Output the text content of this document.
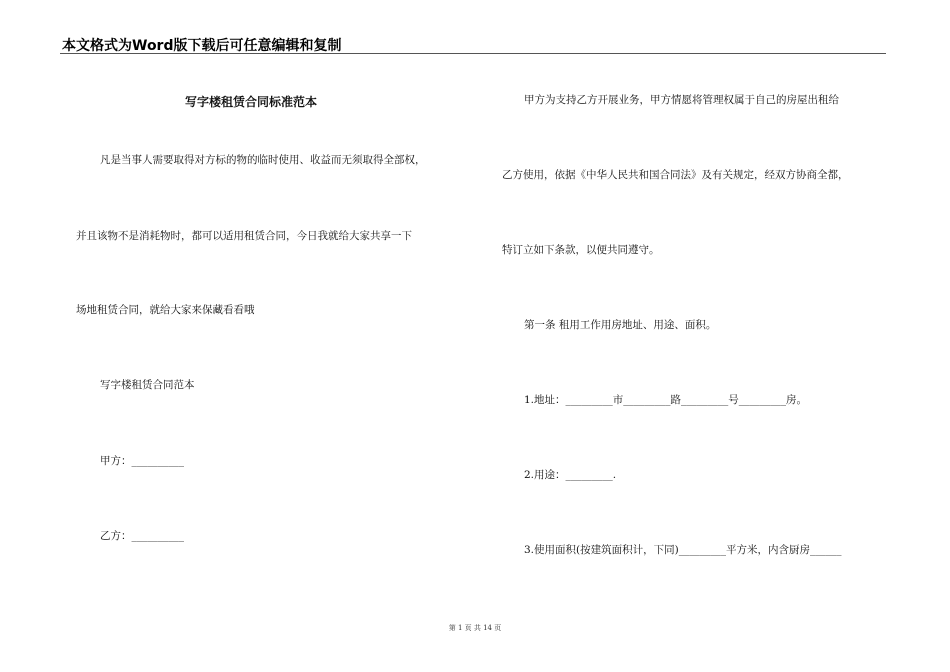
本文格式为Word版下载后可任意编辑和复制
写字楼租赁合同标准范本
凡是当事人需要取得对方标的物的临时使用、收益而无须取得全部权，
并且该物不是消耗物时，都可以适用租赁合同，今日我就给大家共享一下
场地租赁合同，就给大家来保藏看看哦
写字楼租赁合同范本
甲方：__________
乙方：__________
甲方为支持乙方开展业务，甲方情愿将管理权属于自己的房屋出租给
乙方使用，依据《中华人民共和国合同法》及有关规定，经双方协商全都，
特订立如下条款，以便共同遵守。
第一条 租用工作用房地址、用途、面积。
1.地址：_________市_________路_________号_________房。
2.用途：_________.
3.使用面积(按建筑面积计，下同)_________平方米，内含厨房______
第 1 页 共 14 页
